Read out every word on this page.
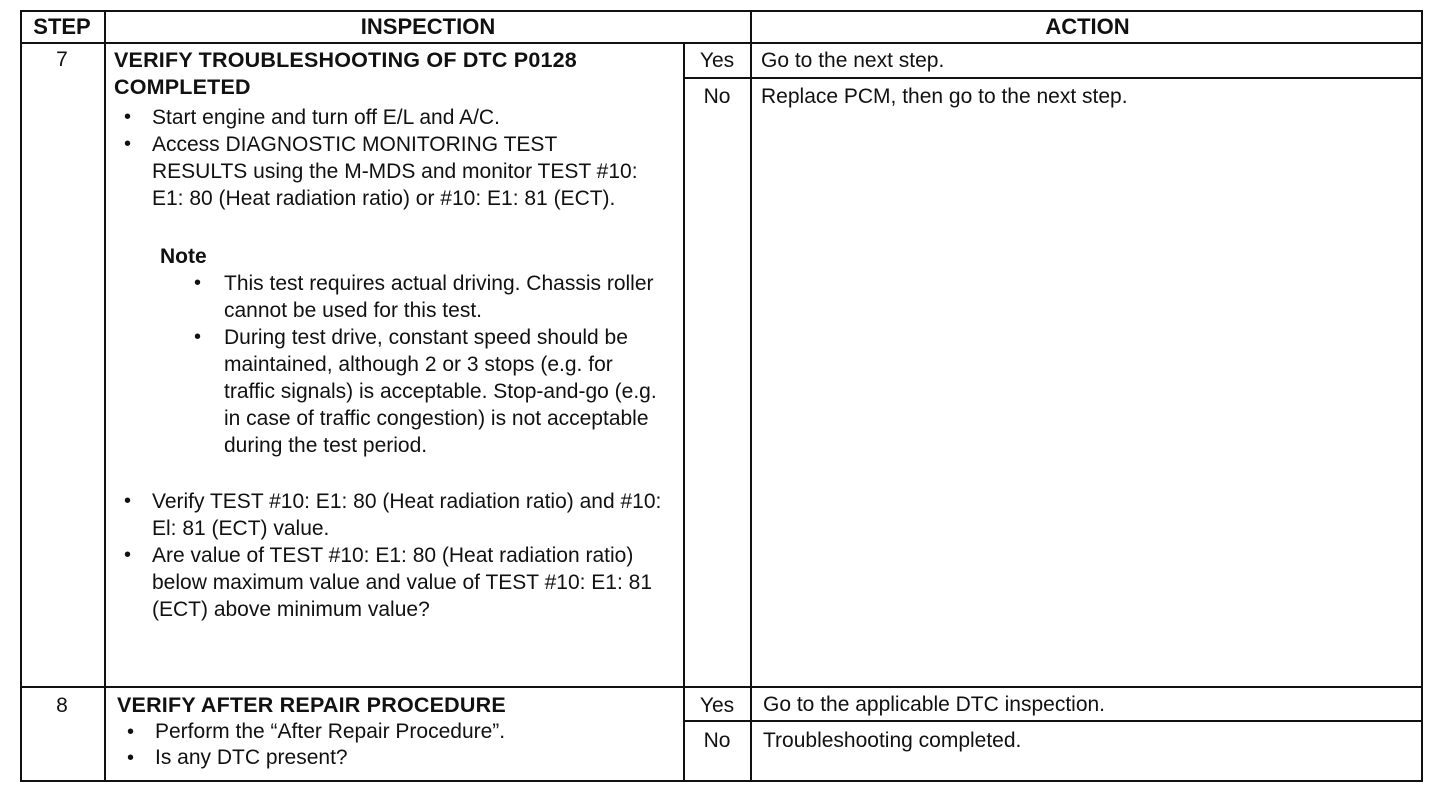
STEP	INSPECTION	ACTION
7	VERIFY TROUBLESHOOTING OF DTC P0128
COMPLETED
• Start engine and turn off E/L and A/C.
• Access DIAGNOSTIC MONITORING TEST RESULTS using the M-MDS and monitor TEST #10: E1: 80 (Heat radiation ratio) or #10: E1: 81 (ECT).
Note
• This test requires actual driving. Chassis roller cannot be used for this test.
• During test drive, constant speed should be maintained, although 2 or 3 stops (e.g. for traffic signals) is acceptable. Stop-and-go (e.g. in case of traffic congestion) is not acceptable during the test period.
• Verify TEST #10: E1: 80 (Heat radiation ratio) and #10: El: 81 (ECT) value.
• Are value of TEST #10: E1: 80 (Heat radiation ratio) below maximum value and value of TEST #10: E1: 81 (ECT) above minimum value?
Yes	Go to the next step.
No	Replace PCM, then go to the next step.
8	VERIFY AFTER REPAIR PROCEDURE
• Perform the “After Repair Procedure”.
• Is any DTC present?
Yes	Go to the applicable DTC inspection.
No	Troubleshooting completed.
